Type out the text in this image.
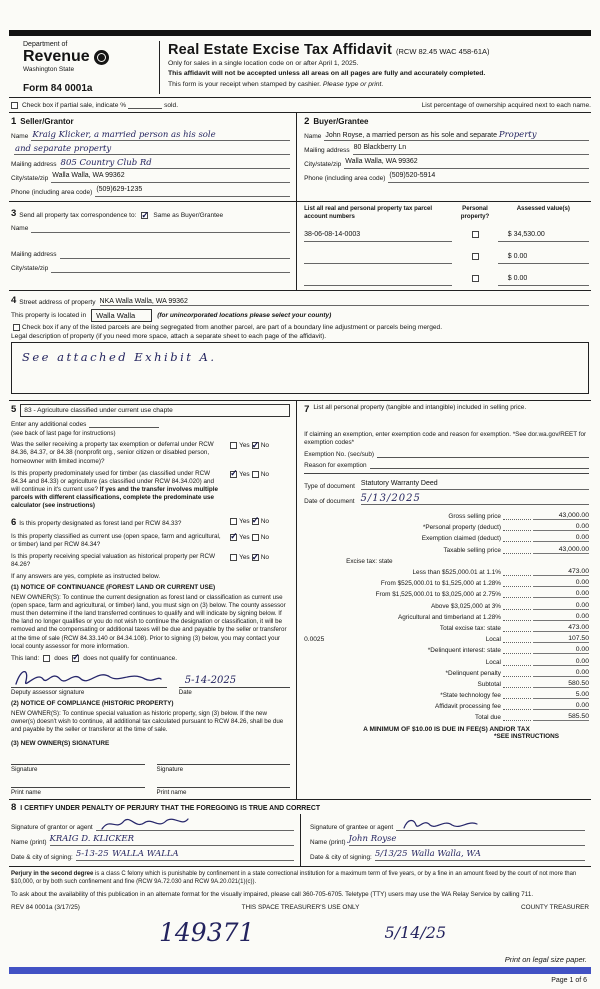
Department of
Revenue
Washington State
Form 84 0001a
Real Estate Excise Tax Affidavit (RCW 82.45 WAC 458-61A)
Only for sales in a single location code on or after April 1, 2025.
This affidavit will not be accepted unless all areas on all pages are fully and accurately completed.
This form is your receipt when stamped by cashier. Please type or print.
Check box if partial sale, indicate %	sold.	List percentage of ownership acquired next to each name.
1 Seller/Grantor
Name Kraig Klicker, a married person as his sole
and separate property
Mailing address 805 Country Club Rd
City/state/zip Walla Walla, WA 99362
Phone (including area code) (509)629-1235
2 Buyer/Grantee
Name John Royse, a married person as his sole and separate Property
Mailing address 80 Blackberry Ln
City/state/zip Walla Walla, WA 99362
Phone (including area code) (509)520-5914
3 Send all property tax correspondence to: ✓	Same as Buyer/Grantee
Name
Mailing address
City/state/zip
List all real and personal property tax parcel account numbers
Personal property?
Assessed value(s)
38-06-08-14-0003	$ 34,530.00
$ 0.00
$ 0.00
4 Street address of property NKA Walla Walla, WA 99362
This property is located in	Walla Walla	(for unincorporated locations please select your county)
Check box if any of the listed parcels are being segregated from another parcel, are part of a boundary line adjustment or parcels being merged.
Legal description of property (if you need more space, attach a separate sheet to each page of the affidavit).
See attached Exhibit A.
5	83 - Agriculture classified under current use chapte
Enter any additional codes
(see back of last page for instructions)
Was the seller receiving a property tax exemption or deferral under RCW 84.36, 84.37, or 84.38 (nonprofit org., senior citizen or disabled person, homeowner with limited income)?
Yes ✓ No
Is this property predominately used for timber (as classified under RCW 84.34 and 84.33) or agriculture (as classified under RCW 84.34.020) and will continue in it's current use? If yes and the transfer involves multiple parcels with different classifications, complete the predominate use calculator (see instructions)
✓
Yes No
6 Is this property designated as forest land per RCW 84.33?	Yes ✓ No
Is this property classified as current use (open space, farm and agricultural, or timber) land per RCW 84.34?
✓
Yes No
Is this property receiving special valuation as historical property per RCW 84.26?
Yes ✓ No
If any answers are yes, complete as instructed below.
(1) NOTICE OF CONTINUANCE (FOREST LAND OR CURRENT USE)
NEW OWNER(S): To continue the current designation as forest land or classification as current use (open space, farm and agricultural, or timber) land, you must sign on (3) below. The county assessor must then determine if the land transferred continues to qualify and will indicate by signing below. If the land no longer qualifies or you do not wish to continue the designation or classification, it will be removed and the compensating or additional taxes will be due and payable by the seller or transferor at the time of sale (RCW 84.33.140 or 84.34.108). Prior to signing (3) below, you may contact your local county assessor for more information.
This land: does ✓ does not qualify for continuance.
Deputy assessor signature
5-14-2025
Date
(2) NOTICE OF COMPLIANCE (HISTORIC PROPERTY)
NEW OWNER(S): To continue special valuation as historic property, sign (3) below. If the new owner(s) doesn't wish to continue, all additional tax calculated pursuant to RCW 84.26, shall be due and payable by the seller or transferor at the time of sale.
(3) NEW OWNER(S) SIGNATURE
Signature	Signature
Print name	Print name
7 List all personal property (tangible and intangible) included in selling price.
If claiming an exemption, enter exemption code and reason for exemption. *See dor.wa.gov/REET for exemption codes*
Exemption No. (sec/sub)
Reason for exemption
Type of document Statutory Warranty Deed
Date of document 5/13/2025
Gross selling price	43,000.00
*Personal property (deduct)	0.00
Exemption claimed (deduct)	0.00
Taxable selling price	43,000.00
Excise tax: state
Less than $525,000.01 at 1.1%	473.00
From $525,000.01 to $1,525,000 at 1.28%	0.00
From $1,525,000.01 to $3,025,000 at 2.75%	0.00
Above $3,025,000 at 3%	0.00
Agricultural and timberland at 1.28%	0.00
Total excise tax: state	473.00
0.0025	Local	107.50
*Delinquent interest: state	0.00
Local	0.00
*Delinquent penalty	0.00
Subtotal	580.50
*State technology fee	5.00
Affidavit processing fee	0.00
Total due	585.50
A MINIMUM OF $10.00 IS DUE IN FEE(S) AND/OR TAX
*SEE INSTRUCTIONS
8 I CERTIFY UNDER PENALTY OF PERJURY THAT THE FOREGOING IS TRUE AND CORRECT
Signature of grantor or agent
Name (print) KRAIG D. KLICKER
Date & city of signing: 5-13-25 WALLA WALLA
Signature of grantee or agent
Name (print) John Royse
Date & city of signing: 5/13/25 Walla Walla, WA
Perjury in the second degree is a class C felony which is punishable by confinement in a state correctional institution for a maximum term of five years, or by a fine in an amount fixed by the court of not more than $10,000, or by both such confinement and fine (RCW 9A.72.030 and RCW 9A.20.021(1)(c)).
To ask about the availability of this publication in an alternate format for the visually impaired, please call 360-705-6705. Teletype (TTY) users may use the WA Relay Service by calling 711.
REV 84 0001a (3/17/25)	THIS SPACE TREASURER'S USE ONLY	COUNTY TREASURER
149371	5/14/25
Print on legal size paper.
Page 1 of 6
